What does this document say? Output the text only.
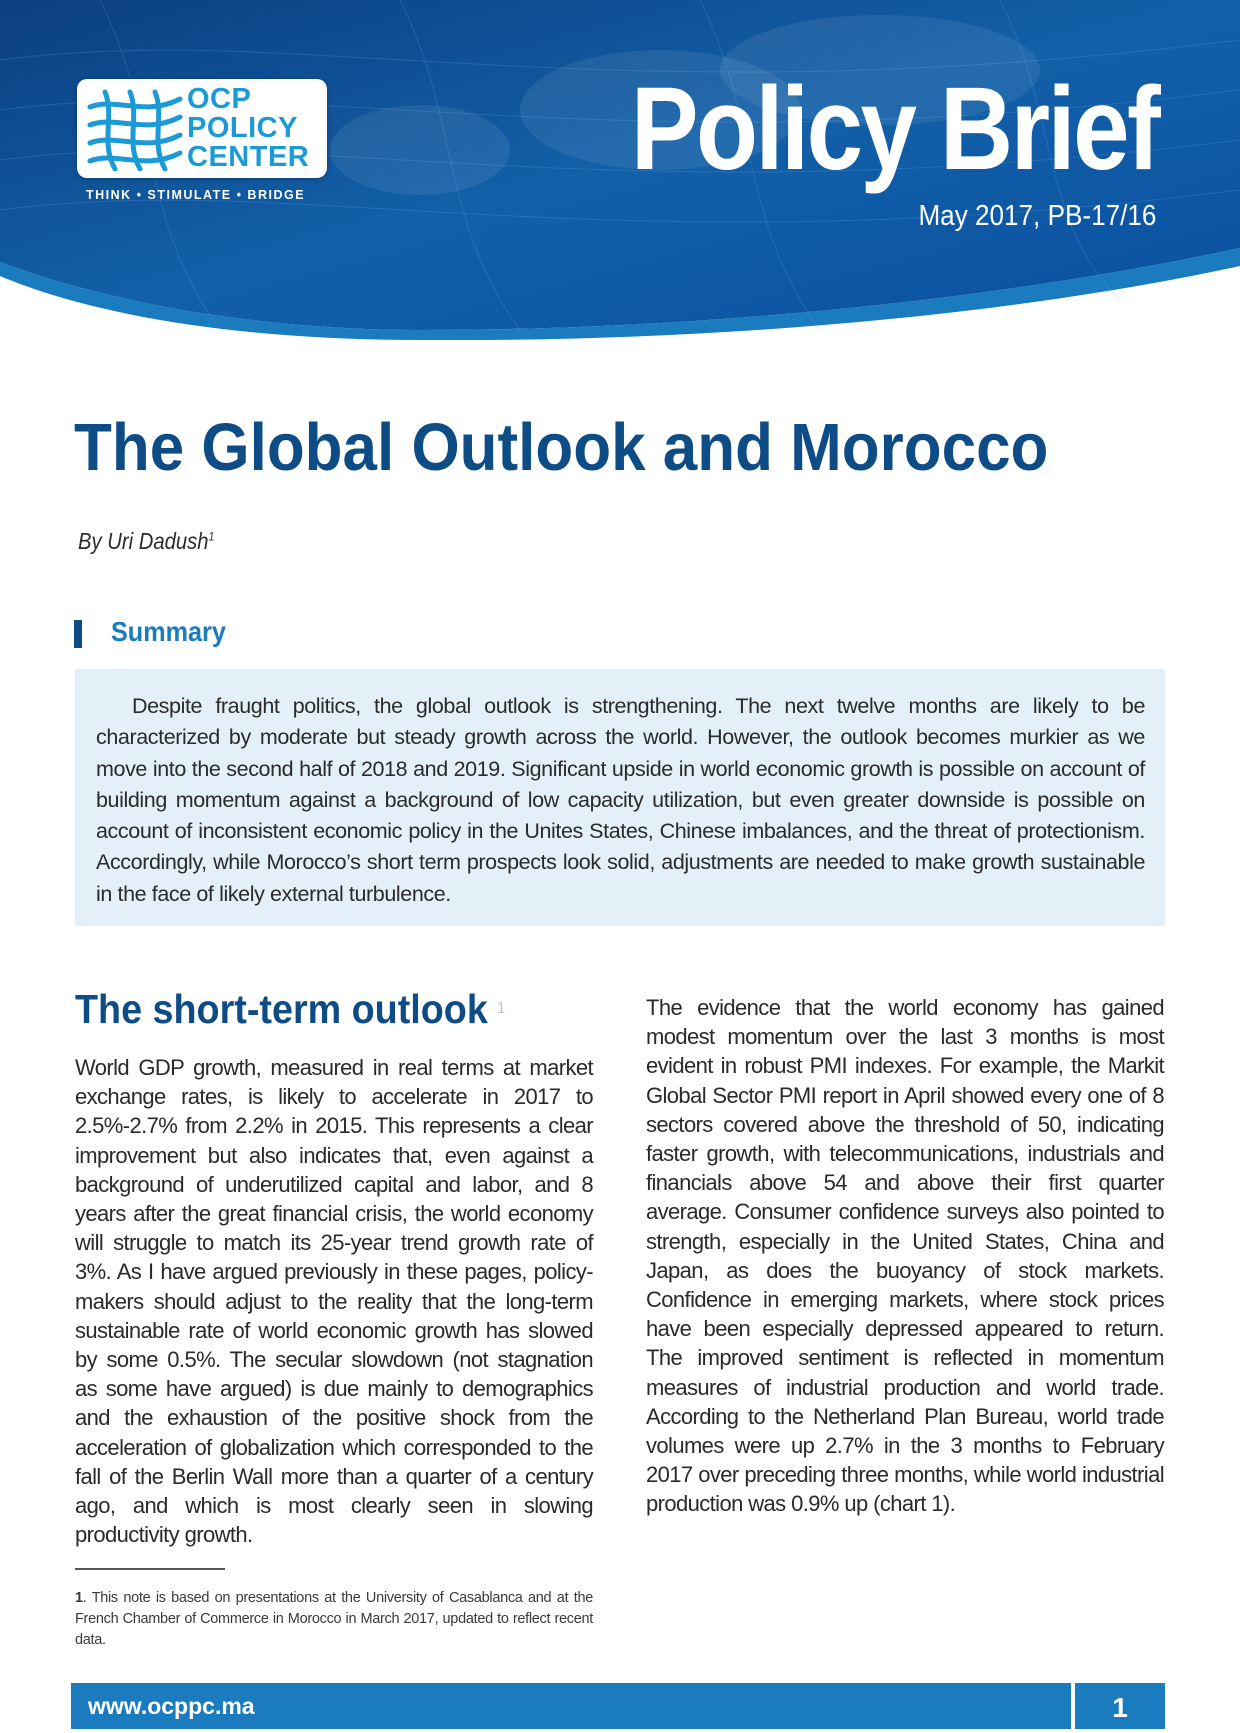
OCP
POLICY
CENTER
THINK • STIMULATE • BRIDGE	Policy Brief
May 2017, PB-17/16
The Global Outlook and Morocco
By Uri Dadush$^1$
Summary

Despite fraught politics, the global outlook is strengthening. The next twelve months are likely to be characterized by moderate but steady growth across the world. However, the outlook becomes murkier as we move into the second half of 2018 and 2019. Significant upside in world economic growth is possible on account of building momentum against a background of low capacity utilization, but even greater downside is possible on account of inconsistent economic policy in the Unites States, Chinese imbalances, and the threat of protectionism. Accordingly, while Morocco’s short term prospects look solid, adjustments are needed to make growth sustainable in the face of likely external turbulence.

The short-term outlook $^1$

World GDP growth, measured in real terms at market exchange rates, is likely to accelerate in 2017 to 2.5%-2.7% from 2.2% in 2015. This represents a clear improvement but also indicates that, even against a background of underutilized capital and labor, and 8 years after the great financial crisis, the world economy will struggle to match its 25-year trend growth rate of 3%. As I have argued previously in these pages, policy-makers should adjust to the reality that the long-term sustainable rate of world economic growth has slowed by some 0.5%. The secular slowdown (not stagnation as some have argued) is due mainly to demographics and the exhaustion of the positive shock from the acceleration of globalization which corresponded to the fall of the Berlin Wall more than a quarter of a century ago, and which is most clearly seen in slowing productivity growth.

The evidence that the world economy has gained modest momentum over the last 3 months is most evident in robust PMI indexes. For example, the Markit Global Sector PMI report in April showed every one of 8 sectors covered above the threshold of 50, indicating faster growth, with telecommunications, industrials and financials above 54 and above their first quarter average. Consumer confidence surveys also pointed to strength, especially in the United States, China and Japan, as does the buoyancy of stock markets. Confidence in emerging markets, where stock prices have been especially depressed appeared to return. The improved sentiment is reflected in momentum measures of industrial production and world trade. According to the Netherland Plan Bureau, world trade volumes were up 2.7% in the 3 months to February 2017 over preceding three months, while world industrial production was 0.9% up (chart 1).

1. This note is based on presentations at the University of Casablanca and at the French Chamber of Commerce in Morocco in March 2017, updated to reflect recent data.
www.ocppc.ma	1
